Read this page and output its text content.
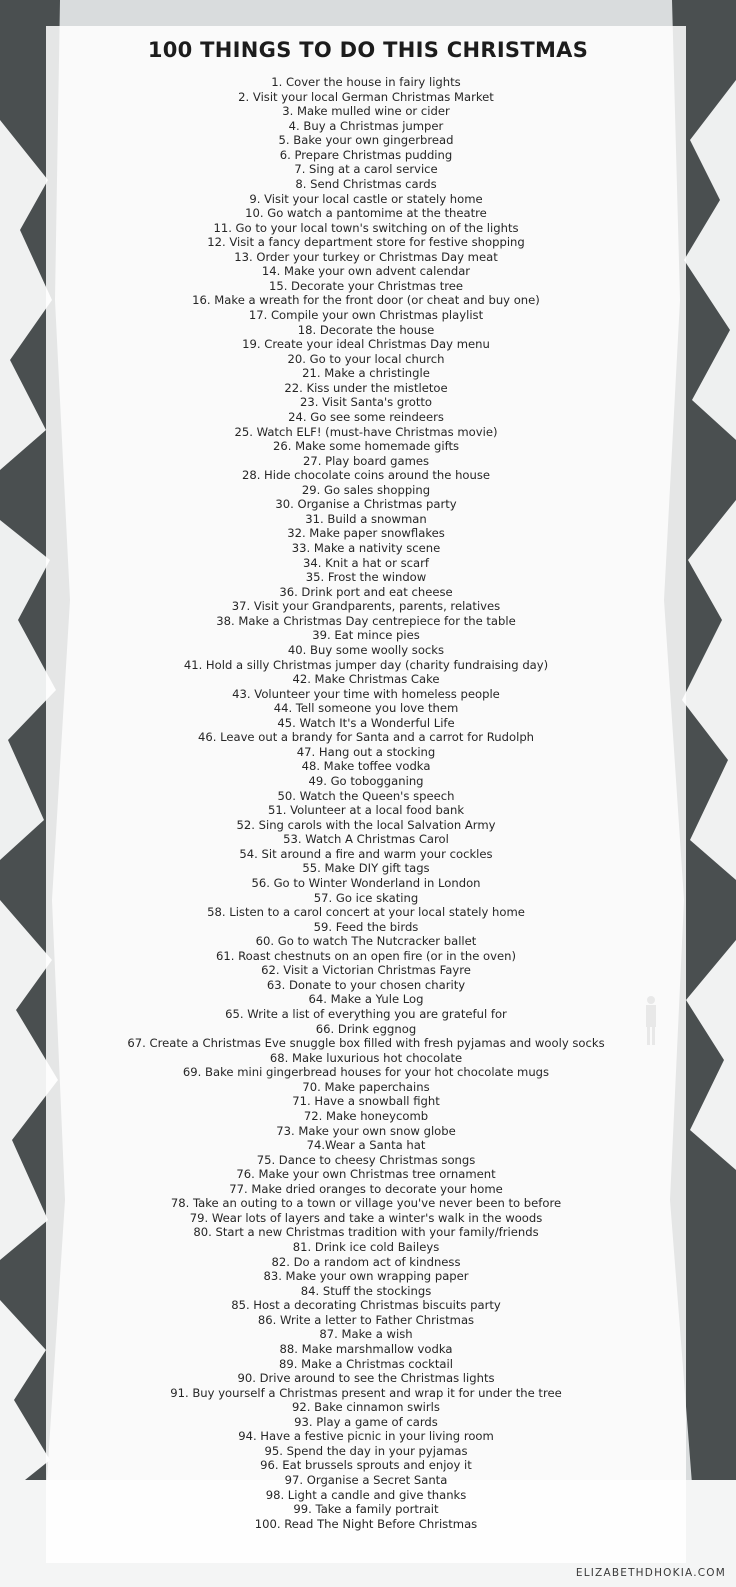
100 THINGS TO DO THIS CHRISTMAS
1. Cover the house in fairy lights
2. Visit your local German Christmas Market
3. Make mulled wine or cider
4. Buy a Christmas jumper
5. Bake your own gingerbread
6. Prepare Christmas pudding
7. Sing at a carol service
8. Send Christmas cards
9. Visit your local castle or stately home
10. Go watch a pantomime at the theatre
11. Go to your local town's switching on of the lights
12. Visit a fancy department store for festive shopping
13. Order your turkey or Christmas Day meat
14. Make your own advent calendar
15. Decorate your Christmas tree
16. Make a wreath for the front door (or cheat and buy one)
17. Compile your own Christmas playlist
18. Decorate the house
19. Create your ideal Christmas Day menu
20. Go to your local church
21. Make a christingle
22. Kiss under the mistletoe
23. Visit Santa's grotto
24. Go see some reindeers
25. Watch ELF! (must-have Christmas movie)
26. Make some homemade gifts
27. Play board games
28. Hide chocolate coins around the house
29. Go sales shopping
30. Organise a Christmas party
31. Build a snowman
32. Make paper snowflakes
33. Make a nativity scene
34. Knit a hat or scarf
35. Frost the window
36. Drink port and eat cheese
37. Visit your Grandparents, parents, relatives
38. Make a Christmas Day centrepiece for the table
39. Eat mince pies
40. Buy some woolly socks
41. Hold a silly Christmas jumper day (charity fundraising day)
42. Make Christmas Cake
43. Volunteer your time with homeless people
44. Tell someone you love them
45. Watch It's a Wonderful Life
46. Leave out a brandy for Santa and a carrot for Rudolph
47. Hang out a stocking
48. Make toffee vodka
49. Go tobogganing
50. Watch the Queen's speech
51. Volunteer at a local food bank
52. Sing carols with the local Salvation Army
53. Watch A Christmas Carol
54. Sit around a fire and warm your cockles
55. Make DIY gift tags
56. Go to Winter Wonderland in London
57. Go ice skating
58. Listen to a carol concert at your local stately home
59. Feed the birds
60. Go to watch The Nutcracker ballet
61. Roast chestnuts on an open fire (or in the oven)
62. Visit a Victorian Christmas Fayre
63. Donate to your chosen charity
64. Make a Yule Log
65. Write a list of everything you are grateful for
66. Drink eggnog
67. Create a Christmas Eve snuggle box filled with fresh pyjamas and wooly socks
68. Make luxurious hot chocolate
69. Bake mini gingerbread houses for your hot chocolate mugs
70. Make paperchains
71. Have a snowball fight
72. Make honeycomb
73. Make your own snow globe
74.Wear a Santa hat
75. Dance to cheesy Christmas songs
76. Make your own Christmas tree ornament
77. Make dried oranges to decorate your home
78. Take an outing to a town or village you've never been to before
79. Wear lots of layers and take a winter's walk in the woods
80. Start a new Christmas tradition with your family/friends
81. Drink ice cold Baileys
82. Do a random act of kindness
83. Make your own wrapping paper
84. Stuff the stockings
85. Host a decorating Christmas biscuits party
86. Write a letter to Father Christmas
87. Make a wish
88. Make marshmallow vodka
89. Make a Christmas cocktail
90. Drive around to see the Christmas lights
91. Buy yourself a Christmas present and wrap it for under the tree
92. Bake cinnamon swirls
93. Play a game of cards
94. Have a festive picnic in your living room
95. Spend the day in your pyjamas
96. Eat brussels sprouts and enjoy it
97. Organise a Secret Santa
98. Light a candle and give thanks
99. Take a family portrait
100. Read The Night Before Christmas
ELIZABETHDHOKIA.COM
